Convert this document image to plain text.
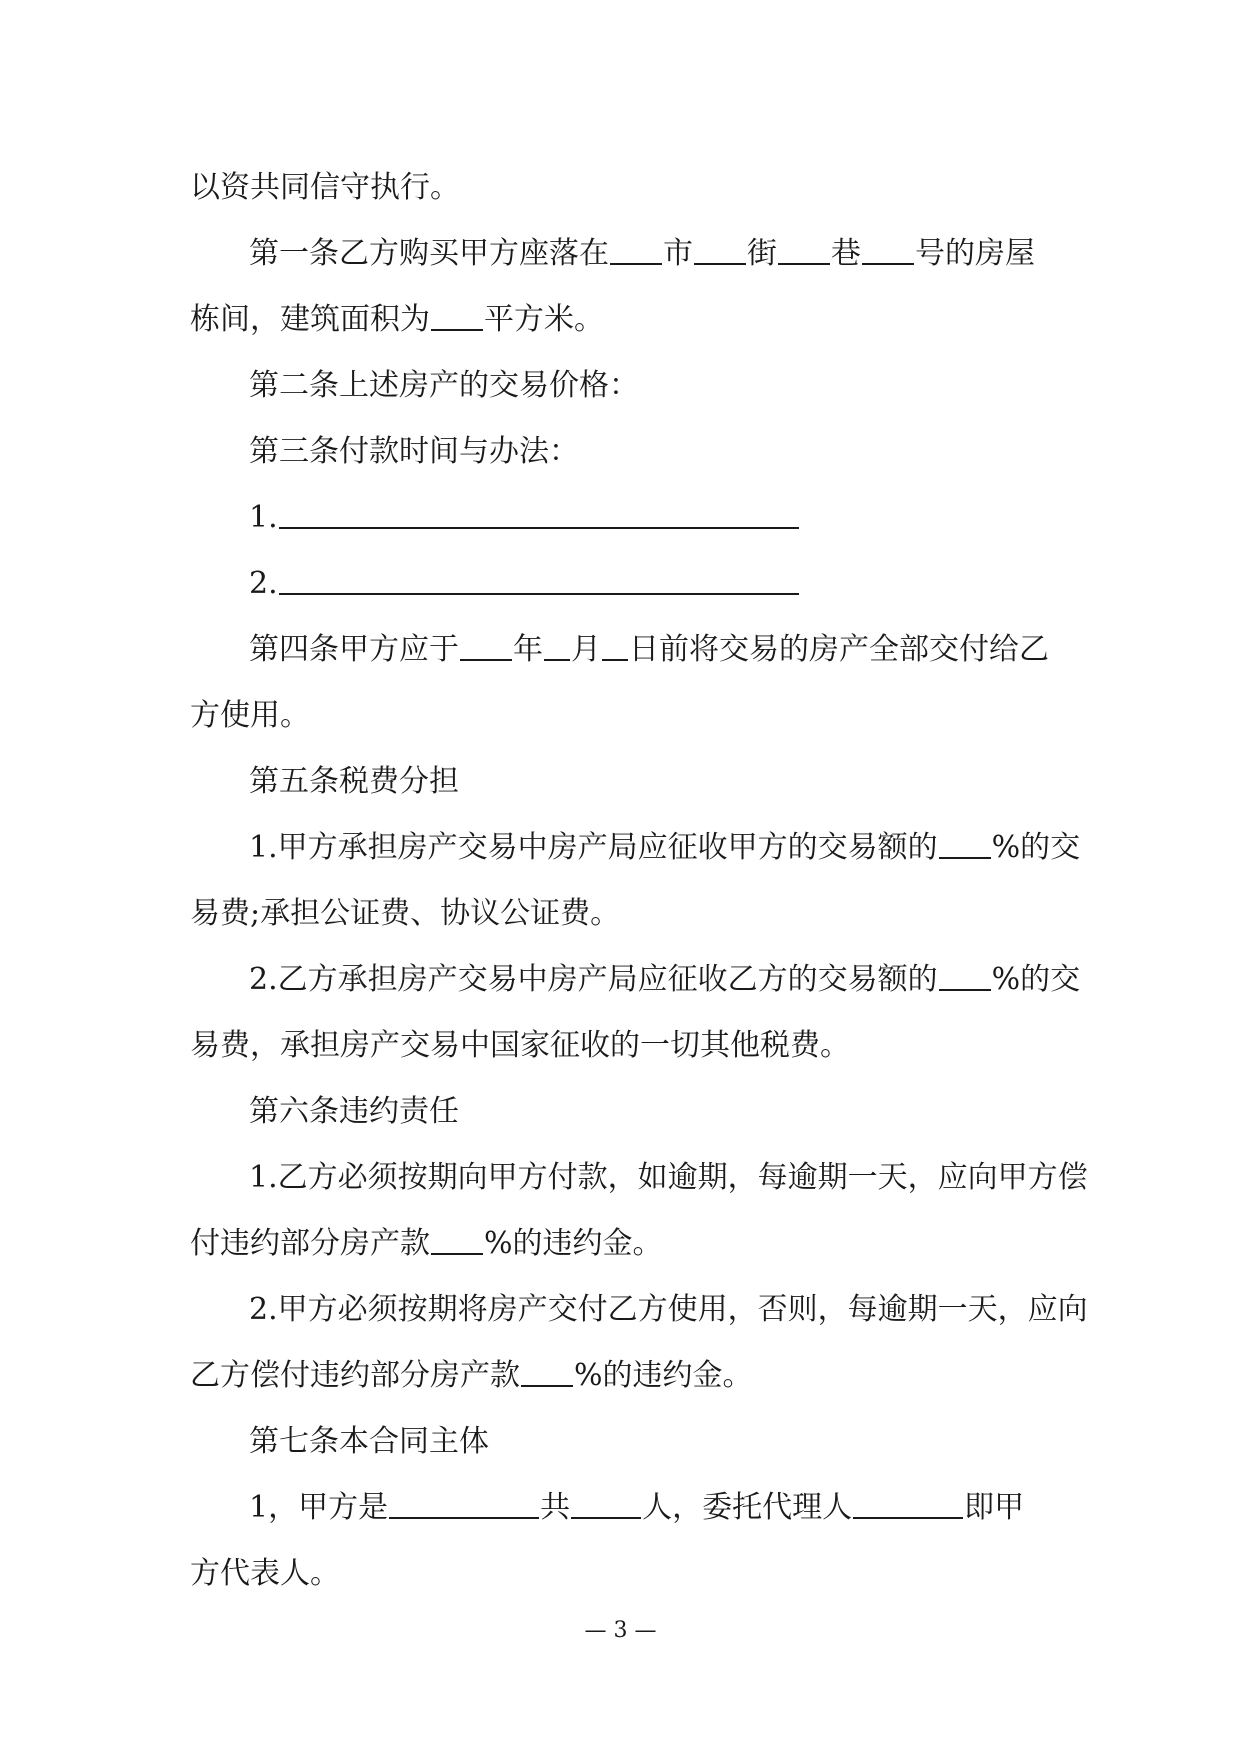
以资共同信守执行。

第一条乙方购买甲方座落在 市 街 巷 号的房屋

栋间，建筑面积为 平方米。

第二条上述房产的交易价格：

第三条付款时间与办法：

1.

2.

第四条甲方应于 年 月 日前将交易的房产全部交付给乙

方使用。

第五条税费分担

1.甲方承担房产交易中房产局应征收甲方的交易额的 %的交

易费;承担公证费、协议公证费。

2.乙方承担房产交易中房产局应征收乙方的交易额的 %的交

易费，承担房产交易中国家征收的一切其他税费。

第六条违约责任

1.乙方必须按期向甲方付款，如逾期，每逾期一天，应向甲方偿

付违约部分房产款 %的违约金。

2.甲方必须按期将房产交付乙方使用，否则，每逾期一天，应向

乙方偿付违约部分房产款 %的违约金。

第七条本合同主体

1，甲方是	共 人，委托代理人	即甲

方代表人。

— 3 —
